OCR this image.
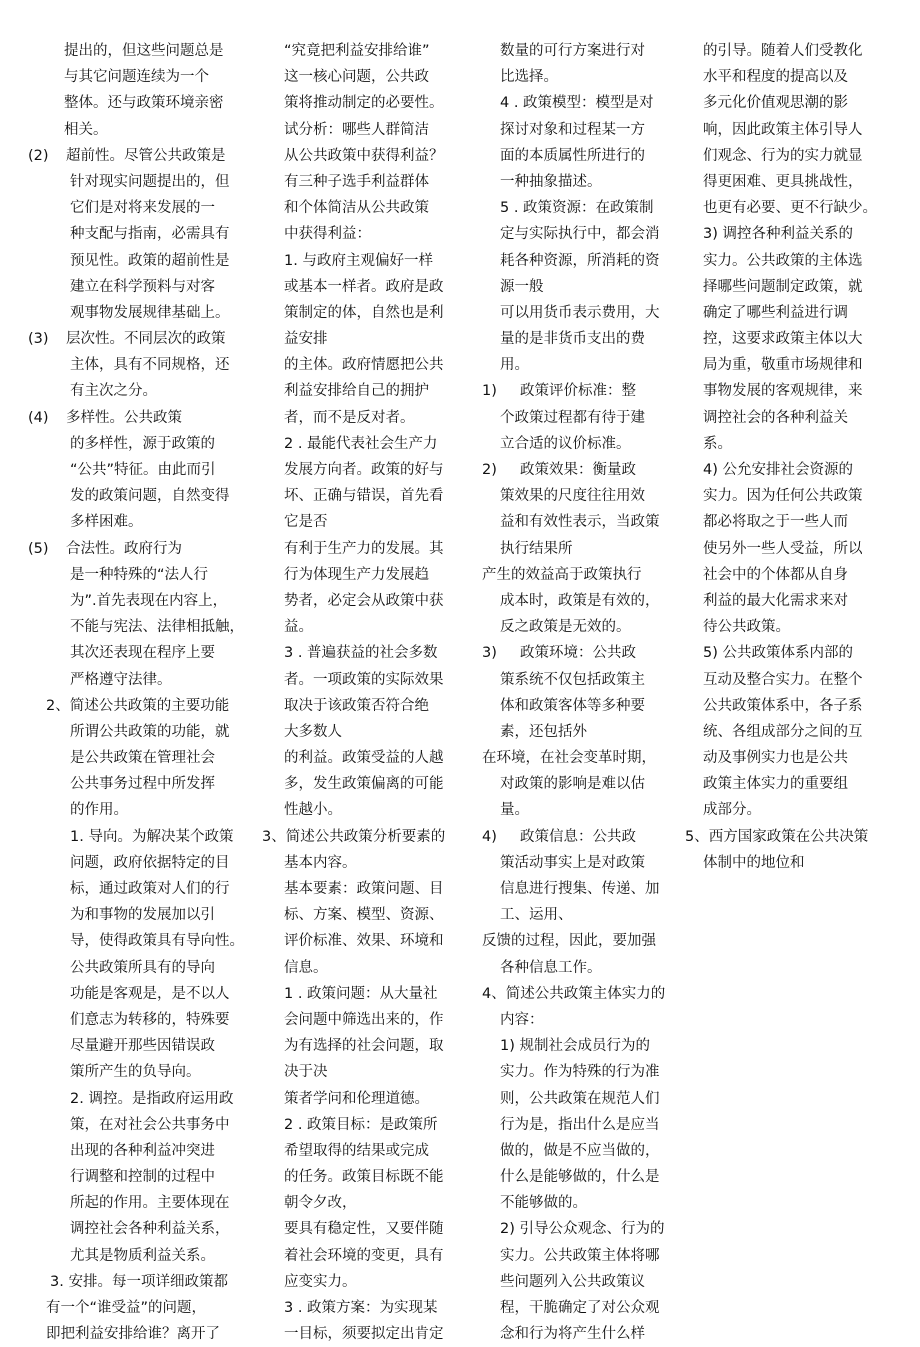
提出的，但这些问题总是
与其它问题连续为一个
整体。还与政策环境亲密
相关。
(2) 超前性。尽管公共政策是
针对现实问题提出的，但
它们是对将来发展的一
种支配与指南，必需具有
预见性。政策的超前性是
建立在科学预料与对客
观事物发展规律基础上。
(3) 层次性。不同层次的政策
主体，具有不同规格，还
有主次之分。
(4) 多样性。公共政策
的多样性，源于政策的
“公共”特征。由此而引
发的政策问题，自然变得
多样困难。
(5) 合法性。政府行为
是一种特殊的“法人行
为”.首先表现在内容上，
不能与宪法、法律相抵触，
其次还表现在程序上要
严格遵守法律。
2、简述公共政策的主要功能
所谓公共政策的功能，就
是公共政策在管理社会
公共事务过程中所发挥
的作用。
1. 导向。为解决某个政策
问题，政府依据特定的目
标，通过政策对人们的行
为和事物的发展加以引
导，使得政策具有导向性。
公共政策所具有的导向
功能是客观是，是不以人
们意志为转移的，特殊要
尽量避开那些因错误政
策所产生的负导向。
2. 调控。是指政府运用政
策，在对社会公共事务中
出现的各种利益冲突进
行调整和控制的过程中
所起的作用。主要体现在
调控社会各种利益关系，
尤其是物质利益关系。
3. 安排。每一项详细政策都
有一个“谁受益”的问题，
即把利益安排给谁？离开了
“究竟把利益安排给谁”
这一核心问题，公共政
策将推动制定的必要性。
试分析：哪些人群简洁
从公共政策中获得利益？
有三种子选手利益群体
和个体简洁从公共政策
中获得利益：
1. 与政府主观偏好一样
或基本一样者。政府是政
策制定的体，自然也是利
益安排
的主体。政府情愿把公共
利益安排给自己的拥护
者，而不是反对者。
2 . 最能代表社会生产力
发展方向者。政策的好与
坏、正确与错误，首先看
它是否
有利于生产力的发展。其
行为体现生产力发展趋
势者，必定会从政策中获
益。
3 . 普遍获益的社会多数
者。一项政策的实际效果
取决于该政策否符合绝
大多数人
的利益。政策受益的人越
多，发生政策偏离的可能
性越小。
3、简述公共政策分析要素的
基本内容。
基本要素：政策问题、目
标、方案、模型、资源、
评价标准、效果、环境和
信息。
1 . 政策问题：从大量社
会问题中筛选出来的，作
为有选择的社会问题，取
决于决
策者学问和伦理道德。
2 . 政策目标：是政策所
希望取得的结果或完成
的任务。政策目标既不能
朝令夕改，
要具有稳定性，又要伴随
着社会环境的变更，具有
应变实力。
3 . 政策方案：为实现某
一目标，须要拟定出肯定
数量的可行方案进行对
比选择。
4 . 政策模型：模型是对
探讨对象和过程某一方
面的本质属性所进行的
一种抽象描述。
5 . 政策资源：在政策制
定与实际执行中，都会消
耗各种资源，所消耗的资
源一般
可以用货币表示费用，大
量的是非货币支出的费
用。
1) 政策评价标准：整
个政策过程都有待于建
立合适的议价标准。
2) 政策效果：衡量政
策效果的尺度往往用效
益和有效性表示，当政策
执行结果所
产生的效益高于政策执行
成本时，政策是有效的，
反之政策是无效的。
3) 政策环境：公共政
策系统不仅包括政策主
体和政策客体等多种要
素，还包括外
在环境，在社会变革时期，
对政策的影响是难以估
量。
4) 政策信息：公共政
策活动事实上是对政策
信息进行搜集、传递、加
工、运用、
反馈的过程，因此，要加强
各种信息工作。
4、简述公共政策主体实力的
内容：
1) 规制社会成员行为的
实力。作为特殊的行为准
则，公共政策在规范人们
行为是，指出什么是应当
做的，做是不应当做的，
什么是能够做的，什么是
不能够做的。
2) 引导公众观念、行为的
实力。公共政策主体将哪
些问题列入公共政策议
程，干脆确定了对公众观
念和行为将产生什么样
的引导。随着人们受教化
水平和程度的提高以及
多元化价值观思潮的影
响，因此政策主体引导人
们观念、行为的实力就显
得更困难、更具挑战性，
也更有必要、更不行缺少。
3) 调控各种利益关系的
实力。公共政策的主体选
择哪些问题制定政策，就
确定了哪些利益进行调
控，这要求政策主体以大
局为重，敬重市场规律和
事物发展的客观规律，来
调控社会的各种利益关
系。
4) 公允安排社会资源的
实力。因为任何公共政策
都必将取之于一些人而
使另外一些人受益，所以
社会中的个体都从自身
利益的最大化需求来对
待公共政策。
5) 公共政策体系内部的
互动及整合实力。在整个
公共政策体系中，各子系
统、各组成部分之间的互
动及事例实力也是公共
政策主体实力的重要组
成部分。
5、西方国家政策在公共决策
体制中的地位和
